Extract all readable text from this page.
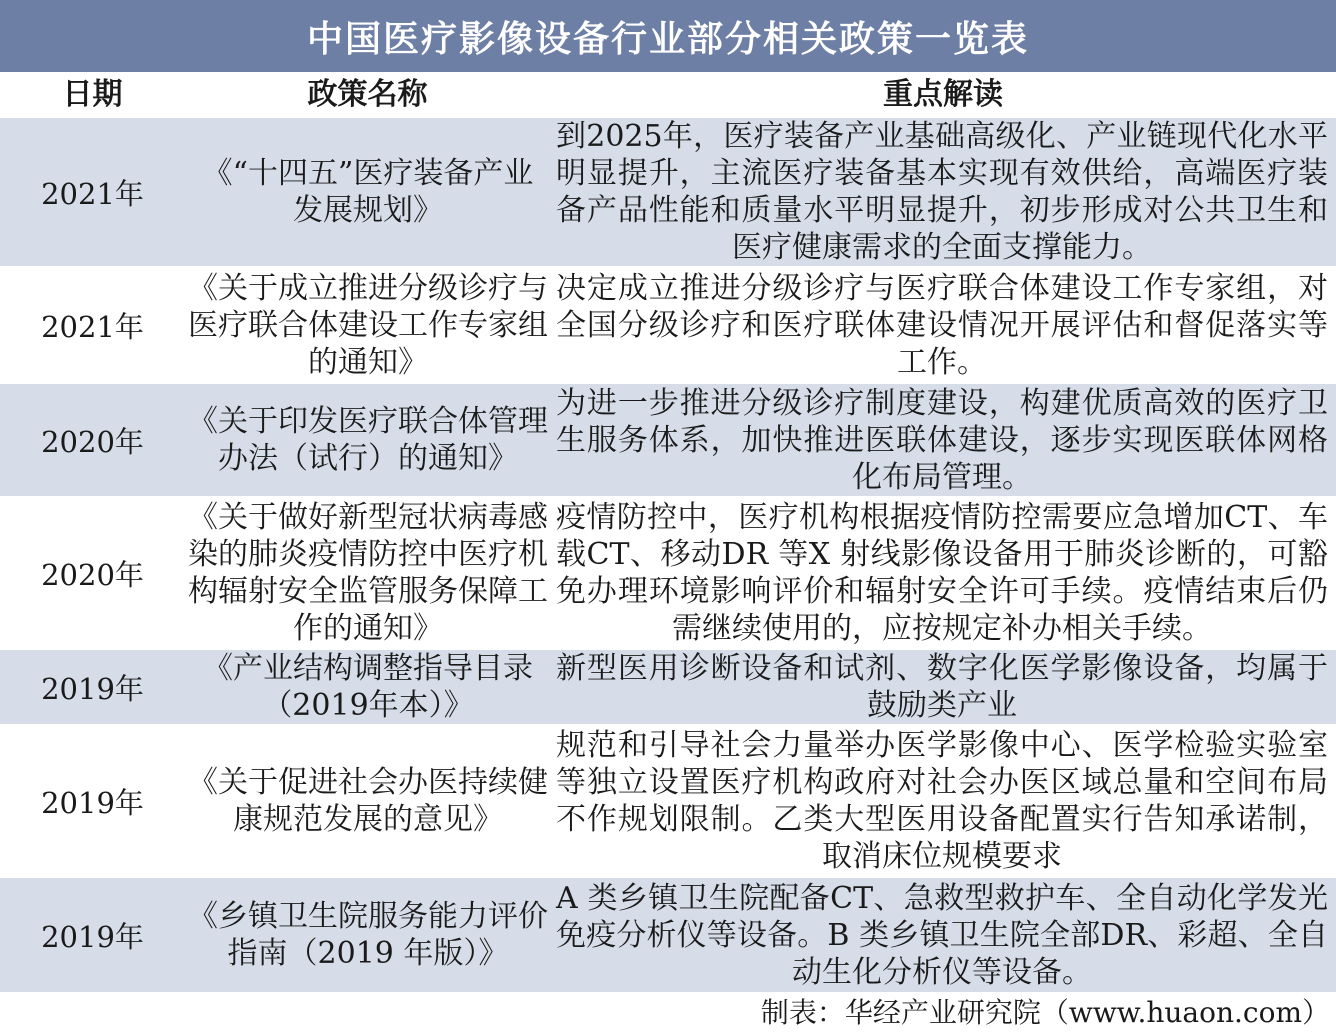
中国医疗影像设备行业部分相关政策一览表
日期	政策名称	重点解读
2021年
《“十四五”医疗装备产业发展规划》
到2025年，医疗装备产业基础高级化、产业链现代化水平明显提升，主流医疗装备基本实现有效供给，高端医疗装备产品性能和质量水平明显提升，初步形成对公共卫生和医疗健康需求的全面支撑能力。
2021年
《关于成立推进分级诊疗与医疗联合体建设工作专家组的通知》
决定成立推进分级诊疗与医疗联合体建设工作专家组，对全国分级诊疗和医疗联体建设情况开展评估和督促落实等工作。
2020年
《关于印发医疗联合体管理办法（试行）的通知》
为进一步推进分级诊疗制度建设，构建优质高效的医疗卫生服务体系，加快推进医联体建设，逐步实现医联体网格化布局管理。
2020年
《关于做好新型冠状病毒感染的肺炎疫情防控中医疗机构辐射安全监管服务保障工作的通知》
疫情防控中，医疗机构根据疫情防控需要应急增加CT、车载CT、移动DR 等X 射线影像设备用于肺炎诊断的，可豁免办理环境影响评价和辐射安全许可手续。疫情结束后仍需继续使用的，应按规定补办相关手续。
2019年
《产业结构调整指导目录（2019年本）》
新型医用诊断设备和试剂、数字化医学影像设备，均属于鼓励类产业
2019年
《关于促进社会办医持续健康规范发展的意见》
规范和引导社会力量举办医学影像中心、医学检验实验室等独立设置医疗机构政府对社会办医区域总量和空间布局不作规划限制。乙类大型医用设备配置实行告知承诺制，取消床位规模要求
2019年
《乡镇卫生院服务能力评价指南（2019 年版）》
A 类乡镇卫生院配备CT、急救型救护车、全自动化学发光免疫分析仪等设备。B 类乡镇卫生院全部DR、彩超、全自动生化分析仪等设备。
制表：华经产业研究院（www.huaon.com）
